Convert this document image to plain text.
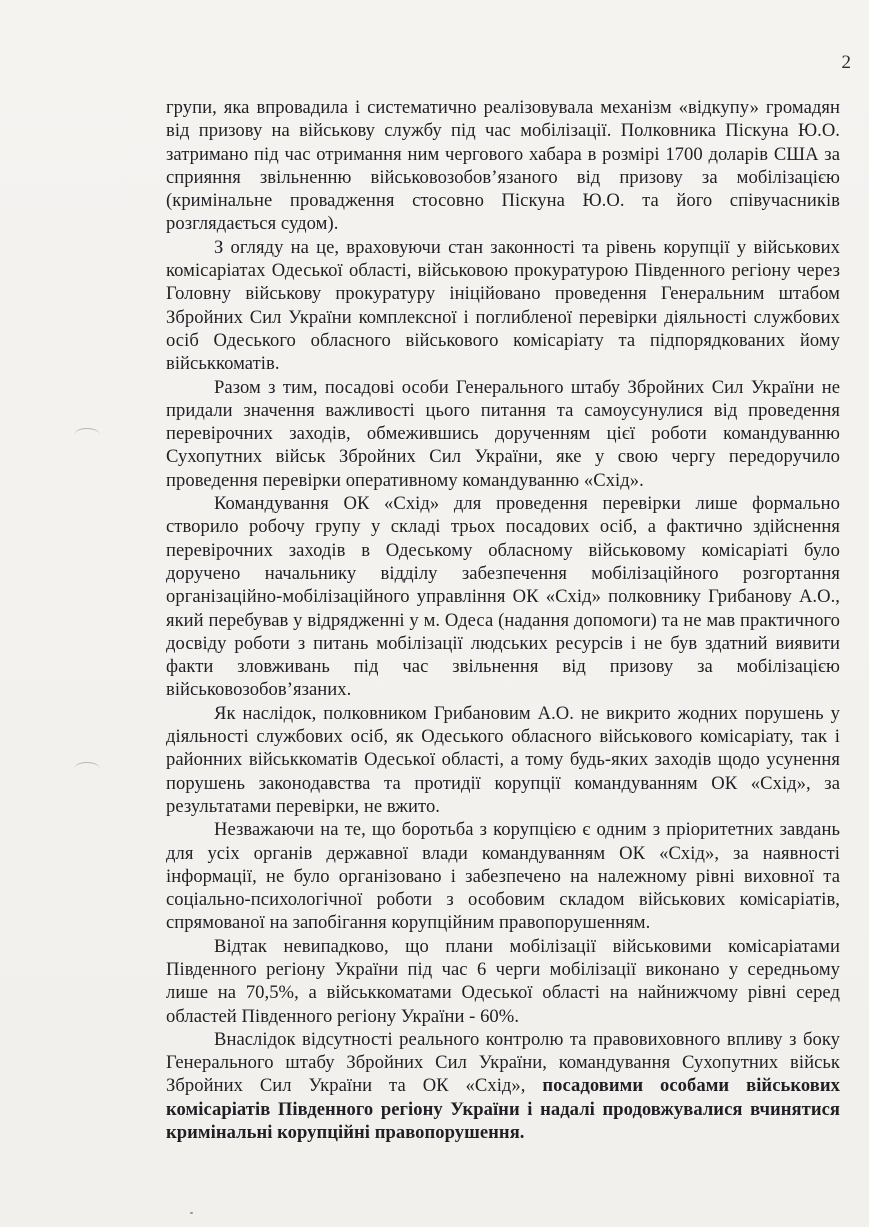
2

групи, яка впровадила і систематично реалізовувала механізм «відкупу» громадян від призову на військову службу під час мобілізації. Полковника Піскуна Ю.О. затримано під час отримання ним чергового хабара в розмірі 1700 доларів США за сприяння звільненню військовозобов’язаного від призову за мобілізацією (кримінальне провадження стосовно Піскуна Ю.О. та його співучасників розглядається судом).

З огляду на це, враховуючи стан законності та рівень корупції у військових комісаріатах Одеської області, військовою прокуратурою Південного регіону через Головну військову прокуратуру ініційовано проведення Генеральним штабом Збройних Сил України комплексної і поглибленої перевірки діяльності службових осіб Одеського обласного військового комісаріату та підпорядкованих йому військкоматів.

Разом з тим, посадові особи Генерального штабу Збройних Сил України не придали значення важливості цього питання та самоусунулися від проведення перевірочних заходів, обмежившись дорученням цієї роботи командуванню Сухопутних військ Збройних Сил України, яке у свою чергу передоручило проведення перевірки оперативному командуванню «Схід».

Командування ОК «Схід» для проведення перевірки лише формально створило робочу групу у складі трьох посадових осіб, а фактично здійснення перевірочних заходів в Одеському обласному військовому комісаріаті було доручено начальнику відділу забезпечення мобілізаційного розгортання організаційно-мобілізаційного управління ОК «Схід» полковнику Грибанову А.О., який перебував у відрядженні у м. Одеса (надання допомоги) та не мав практичного досвіду роботи з питань мобілізації людських ресурсів і не був здатний виявити факти зловживань під час звільнення від призову за мобілізацією військовозобов’язаних.

Як наслідок, полковником Грибановим А.О. не викрито жодних порушень у діяльності службових осіб, як Одеського обласного військового комісаріату, так і районних військкоматів Одеської області, а тому будь-яких заходів щодо усунення порушень законодавства та протидії корупції командуванням ОК «Схід», за результатами перевірки, не вжито.

Незважаючи на те, що боротьба з корупцією є одним з пріоритетних завдань для усіх органів державної влади командуванням ОК «Схід», за наявності інформації, не було організовано і забезпечено на належному рівні виховної та соціально-психологічної роботи з особовим складом військових комісаріатів, спрямованої на запобігання корупційним правопорушенням.

Відтак невипадково, що плани мобілізації військовими комісаріатами Південного регіону України під час 6 черги мобілізації виконано у середньому лише на 70,5%, а військкоматами Одеської області на найнижчому рівні серед областей Південного регіону України - 60%.

Внаслідок відсутності реального контролю та правовиховного впливу з боку Генерального штабу Збройних Сил України, командування Сухопутних військ Збройних Сил України та ОК «Схід», посадовими особами військових комісаріатів Південного регіону України і надалі продовжувалися вчинятися кримінальні корупційні правопорушення.
